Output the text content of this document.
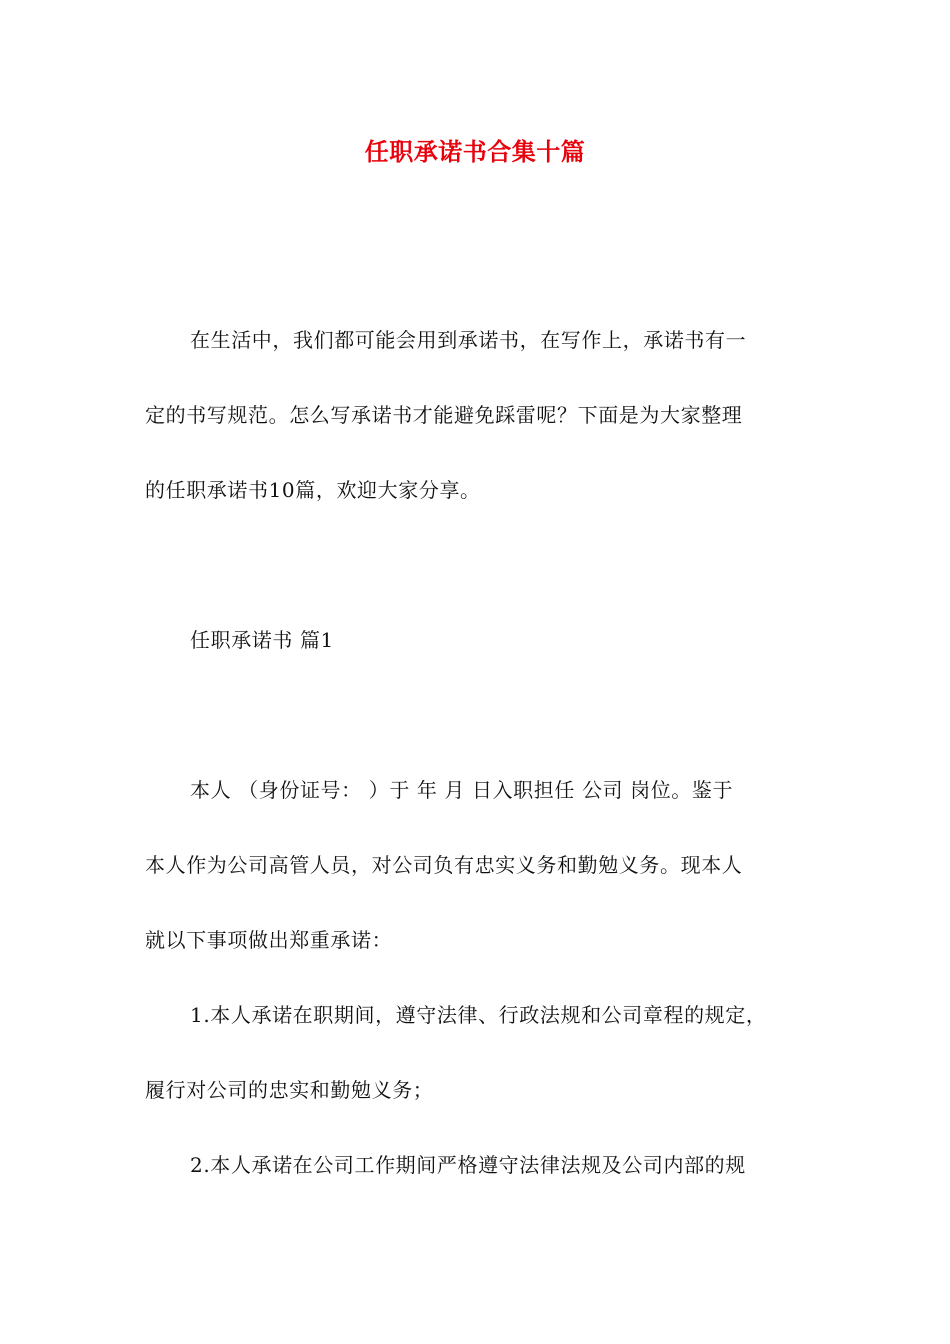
任职承诺书合集十篇
在生活中，我们都可能会用到承诺书，在写作上，承诺书有一
定的书写规范。怎么写承诺书才能避免踩雷呢？下面是为大家整理
的任职承诺书10篇，欢迎大家分享。
任职承诺书 篇1
本人 （身份证号： ）于 年 月 日入职担任 公司 岗位。鉴于
本人作为公司高管人员，对公司负有忠实义务和勤勉义务。现本人
就以下事项做出郑重承诺：
1.本人承诺在职期间，遵守法律、行政法规和公司章程的规定，
履行对公司的忠实和勤勉义务；
2.本人承诺在公司工作期间严格遵守法律法规及公司内部的规
